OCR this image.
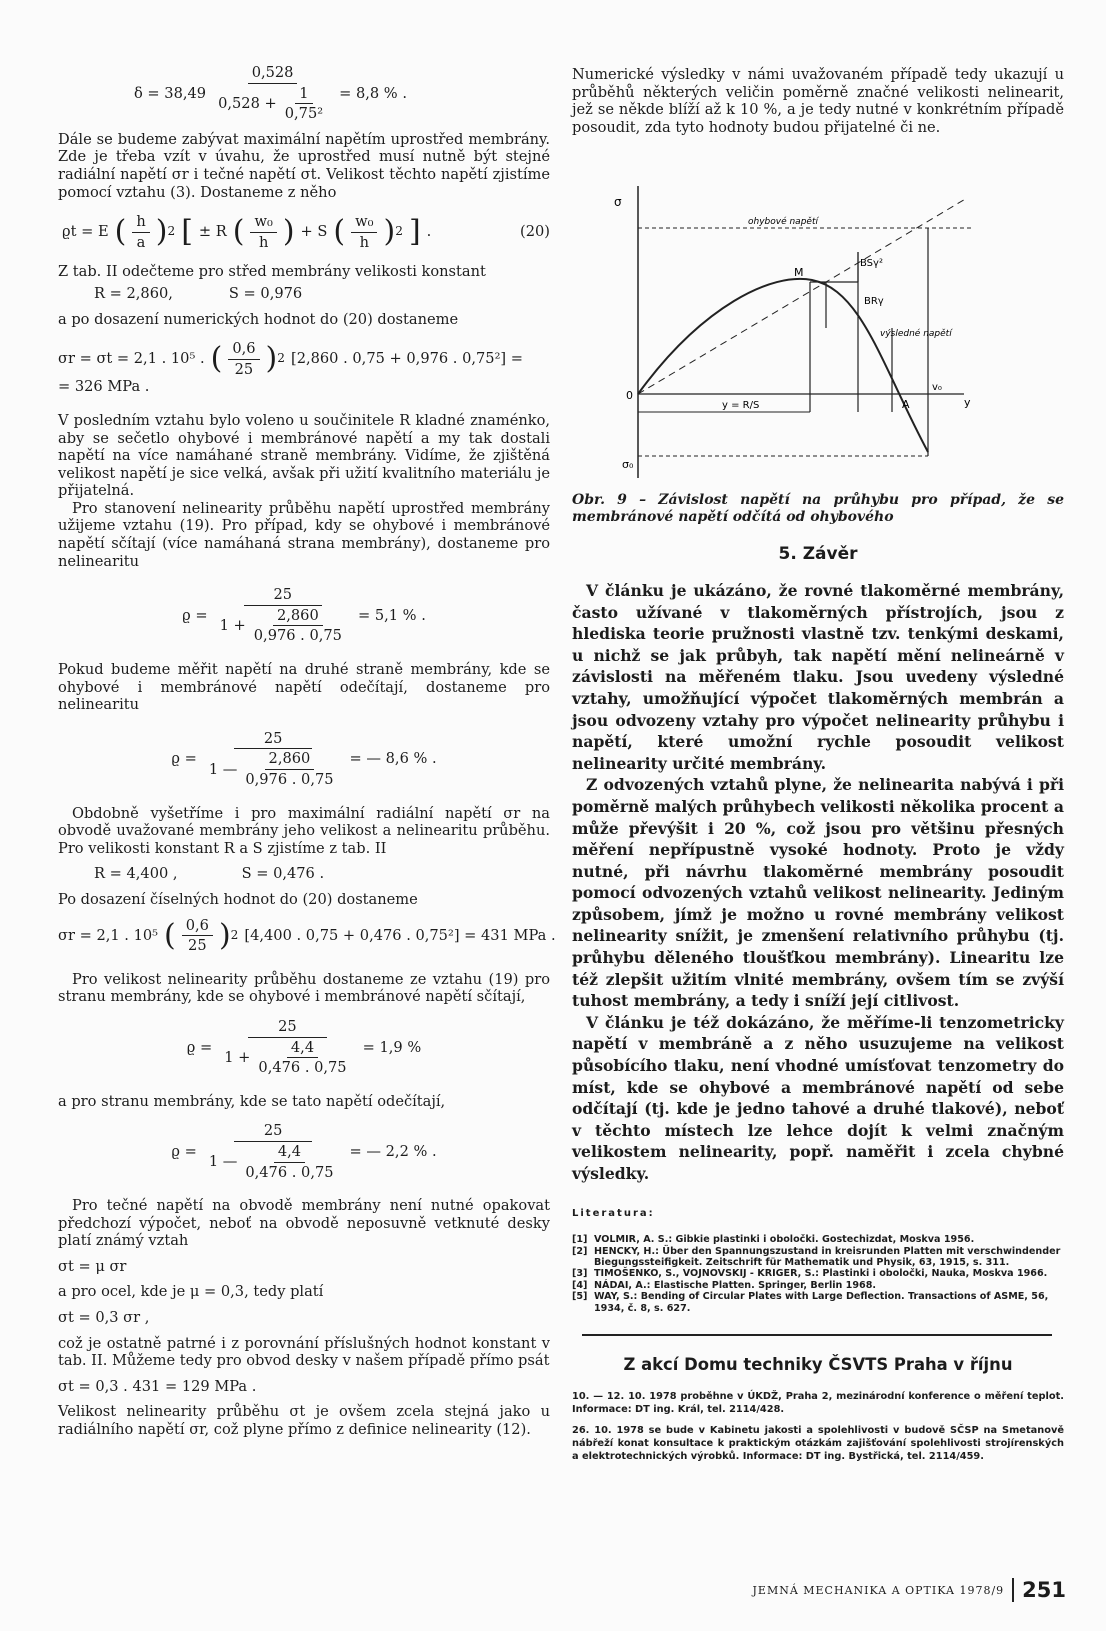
$\delta = 38,49 \frac{0,528}{0,528 + \frac{1}{\text{0,75²}}} = 8,8$ % .

Dále se budeme zabývat maximální napětím uprostřed membrány. Zde je třeba vzít v úvahu, že uprostřed musí nutně být stejné radiální napětí σr i tečné napětí σt. Velikost těchto napětí zjistíme pomocí vztahu (3). Dostaneme z něho

ϱt = E ( $\frac{h}{a}$ ) 2 [ ± R ( $\frac{\text{w₀}}{h}$ ) + S ( $\frac{\text{w₀}}{h}$ ) 2 ] .	(20)

Z tab. II odečteme pro střed membrány velikosti konstant

R = 2,860,	S = 0,976

a po dosazení numerických hodnot do (20) dostaneme

σr = σt = 2,1 . 10⁵ . ( $\frac{0,6}{25}$ ) 2 [2,860 . 0,75 + 0,976 . 0,75²] =
= 326 MPa .

V posledním vztahu bylo voleno u součinitele R kladné znaménko, aby se sečetlo ohybové i membránové napětí a my tak dostali napětí na více namáhané straně membrány. Vidíme, že zjištěná velikost napětí je sice velká, avšak při užití kvalitního materiálu je přijatelná.

Pro stanovení nelinearity průběhu napětí uprostřed membrány užijeme vztahu (19). Pro případ, kdy se ohybové i membránové napětí sčítají (více namáhaná strana membrány), dostaneme pro nelinearitu

$ϱ = \frac{25}{1 + \frac{2,860}{0,976 . 0,75}} = 5,1$ % .

Pokud budeme měřit napětí na druhé straně membrány, kde se ohybové i membránové napětí odečítají, dostaneme pro nelinearitu

$ϱ = \frac{25}{1 — \frac{2,860}{0,976 . 0,75}}$ = — 8,6 % .

Obdobně vyšetříme i pro maximální radiální napětí σr na obvodě uvažované membrány jeho velikost a nelinearitu průběhu. Pro velikosti konstant R a S zjistíme z tab. II

R = 4,400 ,	S = 0,476 .

Po dosazení číselných hodnot do (20) dostaneme

σr = 2,1 . 10⁵ ( $\frac{0,6}{25}$ ) 2 [4,400 . 0,75 + 0,476 . 0,75²] = 431 MPa .

Pro velikost nelinearity průběhu dostaneme ze vztahu (19) pro stranu membrány, kde se ohybové i membránové napětí sčítají,

$ϱ = \frac{25}{1 + \frac{4,4}{0,476 . 0,75}} = 1,9$ %

a pro stranu membrány, kde se tato napětí odečítají,

$ϱ = \frac{25}{1 — \frac{4,4}{0,476 . 0,75}}$ = — 2,2 % .

Pro tečné napětí na obvodě membrány není nutné opakovat předchozí výpočet, neboť na obvodě neposuvně vetknuté desky platí známý vztah

σt = μ σr

a pro ocel, kde je μ = 0,3, tedy platí

σt = 0,3 σr ,

což je ostatně patrné i z porovnání příslušných hodnot konstant v tab. II. Můžeme tedy pro obvod desky v našem případě přímo psát

σt = 0,3 . 431 = 129 MPa .

Velikost nelinearity průběhu σt je ovšem zcela stejná jako u radiálního napětí σr, což plyne přímo z definice nelinearity (12).

Numerické výsledky v námi uvažovaném případě tedy ukazují u průběhů některých veličin poměrně značné velikosti nelinearit, jež se někde blíží až k 10 %, a je tedy nutné v konkrétním případě posoudit, zda tyto hodnoty budou přijatelné či ne.

σ
0
σ₀
M
BSγ²
BRγ
ohybové napětí
výsledné napětí
A
v₀
y
y = R/S

Obr. 9 – Závislost napětí na průhybu pro případ, že se membránové napětí odčítá od ohybového

5. Závěr

V článku je ukázáno, že rovné tlakoměrné membrány, často užívané v tlakoměrných přístrojích, jsou z hlediska teorie pružnosti vlastně tzv. tenkými deskami, u nichž se jak průbyh, tak napětí mění nelineárně v závislosti na měřeném tlaku. Jsou uvedeny výsledné vztahy, umožňující výpočet tlakoměrných membrán a jsou odvozeny vztahy pro výpočet nelinearity průhybu i napětí, které umožní rychle posoudit velikost nelinearity určité membrány.

Z odvozených vztahů plyne, že nelinearita nabývá i při poměrně malých průhybech velikosti několika procent a může převýšit i 20 %, což jsou pro většinu přesných měření nepřípustně vysoké hodnoty. Proto je vždy nutné, při návrhu tlakoměrné membrány posoudit pomocí odvozených vztahů velikost nelinearity. Jediným způsobem, jímž je možno u rovné membrány velikost nelinearity snížit, je zmenšení relativního průhybu (tj. průhybu děleného tloušťkou membrány). Linearitu lze též zlepšit užitím vlnité membrány, ovšem tím se zvýší tuhost membrány, a tedy i sníží její citlivost.

V článku je též dokázáno, že měříme-li tenzometricky napětí v membráně a z něho usuzujeme na velikost působícího tlaku, není vhodné umísťovat tenzometry do míst, kde se ohybové a membránové napětí od sebe odčítají (tj. kde je jedno tahové a druhé tlakové), neboť v těchto místech lze lehce dojít k velmi značným velikostem nelinearity, popř. naměřit i zcela chybné výsledky.

Literatura:
[1] VOLMIR, A. S.: Gibkie plastinki i oboločki. Gostechizdat, Moskva 1956.
[2] HENCKY, H.: Über den Spannungszustand in kreisrunden Platten mit verschwindender Biegungssteifigkeit. Zeitschrift für Mathematik und Physik, 63, 1915, s. 311.
[3] TIMOŠENKO, S., VOJNOVSKIJ - KRIGER, S.: Plastinki i oboločki, Nauka, Moskva 1966.
[4] NÁDAI, A.: Elastische Platten. Springer, Berlin 1968.
[5] WAY, S.: Bending of Circular Plates with Large Deflection. Transactions of ASME, 56, 1934, č. 8, s. 627.
Z akcí Domu techniky ČSVTS Praha v říjnu

10. — 12. 10. 1978 proběhne v ÚKDŽ, Praha 2, mezinárodní konference o měření teplot. Informace: DT ing. Král, tel. 2114/428.

26. 10. 1978 se bude v Kabinetu jakosti a spolehlivosti v budově SČSP na Smetanově nábřeží konat konsultace k praktickým otázkám zajišťování spolehlivosti strojírenských a elektrotechnických výrobků. Informace: DT ing. Bystřická, tel. 2114/459.

JEMNÁ MECHANIKA A OPTIKA 1978/9 251
